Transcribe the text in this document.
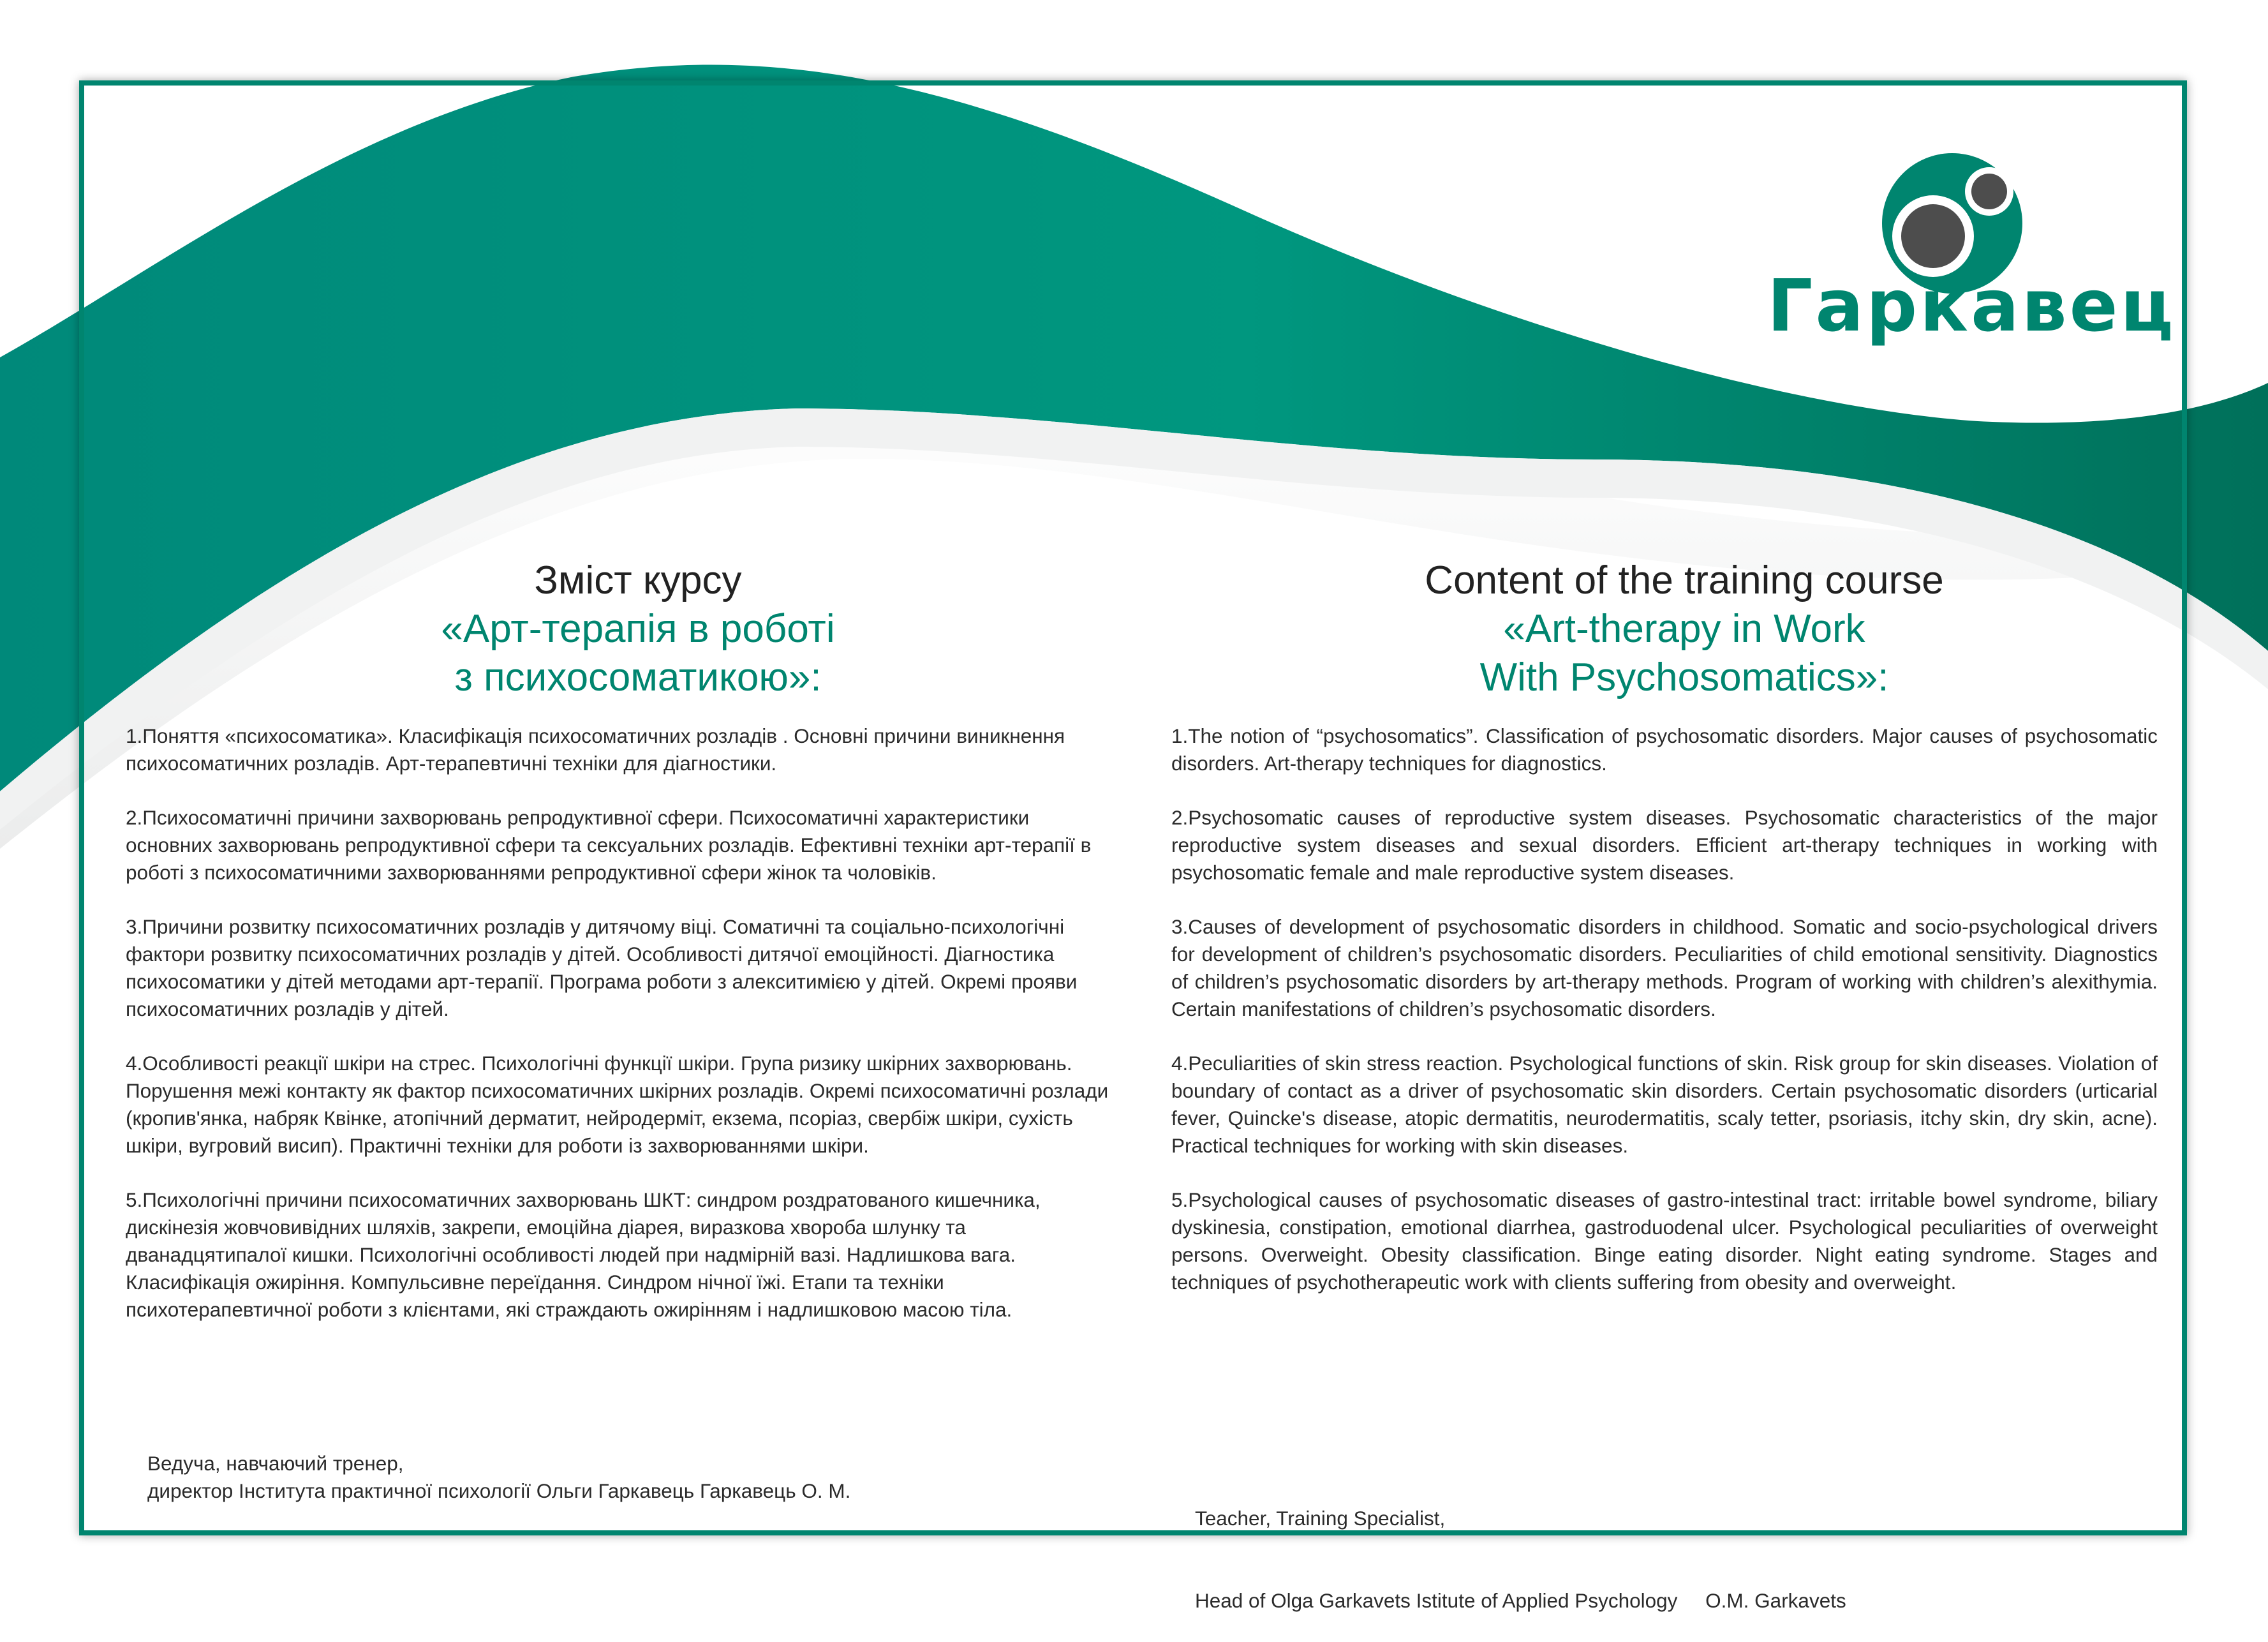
Гаркавец
Зміст курсу
«Арт-терапія в роботі
з психосоматикою»:
Content of the training course
«Art-therapy in Work
With Psychosomatics»:

1.Поняття «психосоматика». Класифікація психосоматичних розладів . Основні причини виникнення психосоматичних розладів. Арт-терапевтичні техніки для діагностики.

2.Психосоматичні причини захворювань репродуктивної сфери. Психосоматичні характеристики основних захворювань репродуктивної сфери та сексуальних розладів. Ефективні техніки арт-терапії в роботі з психосоматичними захворюваннями репродуктивної сфери жінок та чоловіків.

3.Причини розвитку психосоматичних розладів у дитячому віці. Соматичні та соціально-психологічні фактори розвитку психосоматичних розладів у дітей. Особливості дитячої емоційності. Діагностика психосоматики у дітей методами арт-терапії. Програма роботи з алекситимією у дітей. Окремі прояви психосоматичних розладів у дітей.

4.Особливості реакції шкіри на стрес. Психологічні функції шкіри. Група ризику шкірних захворювань. Порушення межі контакту як фактор психосоматичних шкірних розладів. Окремі психосоматичні розлади (кропив'янка, набряк Квінке, атопічний дерматит, нейродерміт, екзема, псоріаз, свербіж шкіри, сухість шкіри, вугровий висип). Практичні техніки для роботи із захворюваннями шкіри.

5.Психологічні причини психосоматичних захворювань ШКТ: синдром роздратованого кишечника, дискінезія жовчовивідних шляхів, закрепи, емоційна діарея, виразкова хвороба шлунку та дванадцятипалої кишки. Психологічні особливості людей при надмірній вазі. Надлишкова вага. Класифікація ожиріння. Компульсивне переїдання. Синдром нічної їжі. Етапи та техніки психотерапевтичної роботи з клієнтами, які страждають ожирінням і надлишковою масою тіла.

1.The notion of “psychosomatics”. Classification of psychosomatic disorders. Major causes of psychosomatic disorders. Art-therapy techniques for diagnostics.

2.Psychosomatic causes of reproductive system diseases. Psychosomatic characteristics of the major reproductive system diseases and sexual disorders. Efficient art-therapy techniques in working with psychosomatic female and male reproductive system diseases.

3.Causes of development of psychosomatic disorders in childhood. Somatic and socio-psychological drivers for development of children’s psychosomatic disorders. Peculiarities of child emotional sensitivity. Diagnostics of children’s psychosomatic disorders by art-therapy methods. Program of working with children’s alexithymia. Certain manifestations of children’s psychosomatic disorders.

4.Peculiarities of skin stress reaction. Psychological functions of skin. Risk group for skin diseases. Violation of boundary of contact as a driver of psychosomatic skin disorders. Certain psychosomatic disorders (urticarial fever, Quincke's disease, atopic dermatitis, neurodermatitis, scaly tetter, psoriasis, itchy skin, dry skin, acne). Practical techniques for working with skin diseases.

5.Psychological causes of psychosomatic diseases of gastro-intestinal tract: irritable bowel syndrome, biliary dyskinesia, constipation, emotional diarrhea, gastroduodenal ulcer. Psychological peculiarities of overweight persons. Overweight. Obesity classification. Binge eating disorder. Night eating syndrome. Stages and techniques of psychotherapeutic work with clients suffering from obesity and overweight.

Ведуча, навчаючий тренер,
директор Інститута практичної психології Ольги Гаркавець Гаркавець О. М.

Teacher, Training Specialist,

Head of Olga Garkavets Istitute of Applied Psychology     O.M. Garkavets
